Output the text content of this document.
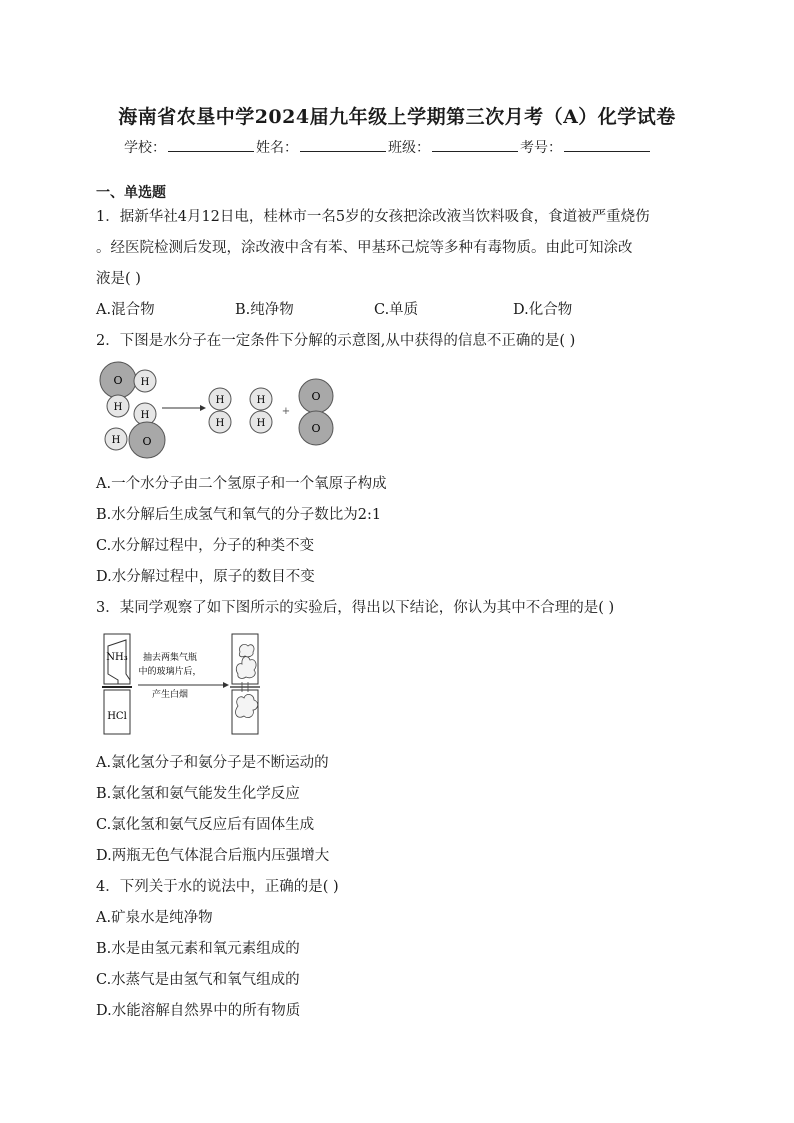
海南省农垦中学2024届九年级上学期第三次月考（A）化学试卷
学校：	姓名：	班级：	考号：
一、单选题
1．据新华社4月12日电，桂林市一名5岁的女孩把涂改液当饮料吸食，食道被严重烧伤
。经医院检测后发现，涂改液中含有苯、甲基环己烷等多种有毒物质。由此可知涂改
液是( )
A.混合物	B.纯净物	C.单质	D.化合物
2．下图是水分子在一定条件下分解的示意图,从中获得的信息不正确的是( )
O H
H
H
O
H
H
H
H
H
+
O
O
A.一个水分子由二个氢原子和一个氧原子构成
B.水分解后生成氢气和氧气的分子数比为2:1
C.水分解过程中，分子的种类不变
D.水分解过程中，原子的数目不变
3．某同学观察了如下图所示的实验后，得出以下结论，你认为其中不合理的是( )
NH₃
HCl
抽去两集气瓶
中的玻璃片后，
产生白烟
A.氯化氢分子和氨分子是不断运动的
B.氯化氢和氨气能发生化学反应
C.氯化氢和氨气反应后有固体生成
D.两瓶无色气体混合后瓶内压强增大
4．下列关于水的说法中，正确的是( )
A.矿泉水是纯净物
B.水是由氢元素和氧元素组成的
C.水蒸气是由氢气和氧气组成的
D.水能溶解自然界中的所有物质
